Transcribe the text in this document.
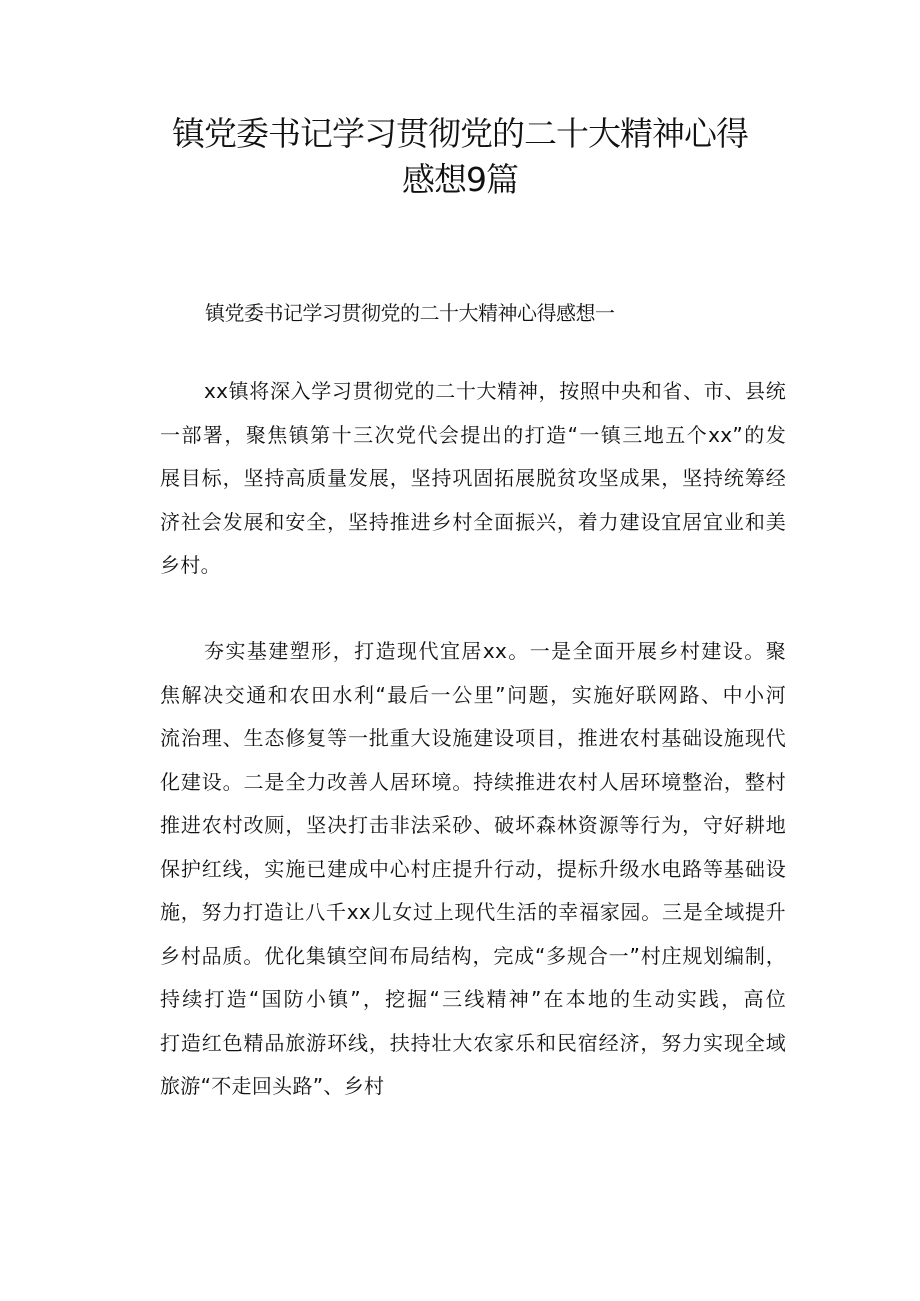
镇党委书记学习贯彻党的二十大精神心得
感想9篇
镇党委书记学习贯彻党的二十大精神心得感想一
xx镇将深入学习贯彻党的二十大精神，按照中央和省、市、县统
一部署，聚焦镇第十三次党代会提出的打造“一镇三地五个xx”的发
展目标，坚持高质量发展，坚持巩固拓展脱贫攻坚成果，坚持统筹经
济社会发展和安全，坚持推进乡村全面振兴，着力建设宜居宜业和美
乡村。
夯实基建塑形，打造现代宜居xx。一是全面开展乡村建设。聚
焦解决交通和农田水利“最后一公里”问题，实施好联网路、中小河
流治理、生态修复等一批重大设施建设项目，推进农村基础设施现代
化建设。二是全力改善人居环境。持续推进农村人居环境整治，整村
推进农村改厕，坚决打击非法采砂、破坏森林资源等行为，守好耕地
保护红线，实施已建成中心村庄提升行动，提标升级水电路等基础设
施，努力打造让八千xx儿女过上现代生活的幸福家园。三是全域提升
乡村品质。优化集镇空间布局结构，完成“多规合一”村庄规划编制，
持续打造“国防小镇”，挖掘“三线精神”在本地的生动实践，高位
打造红色精品旅游环线，扶持壮大农家乐和民宿经济，努力实现全域
旅游“不走回头路”、乡村
